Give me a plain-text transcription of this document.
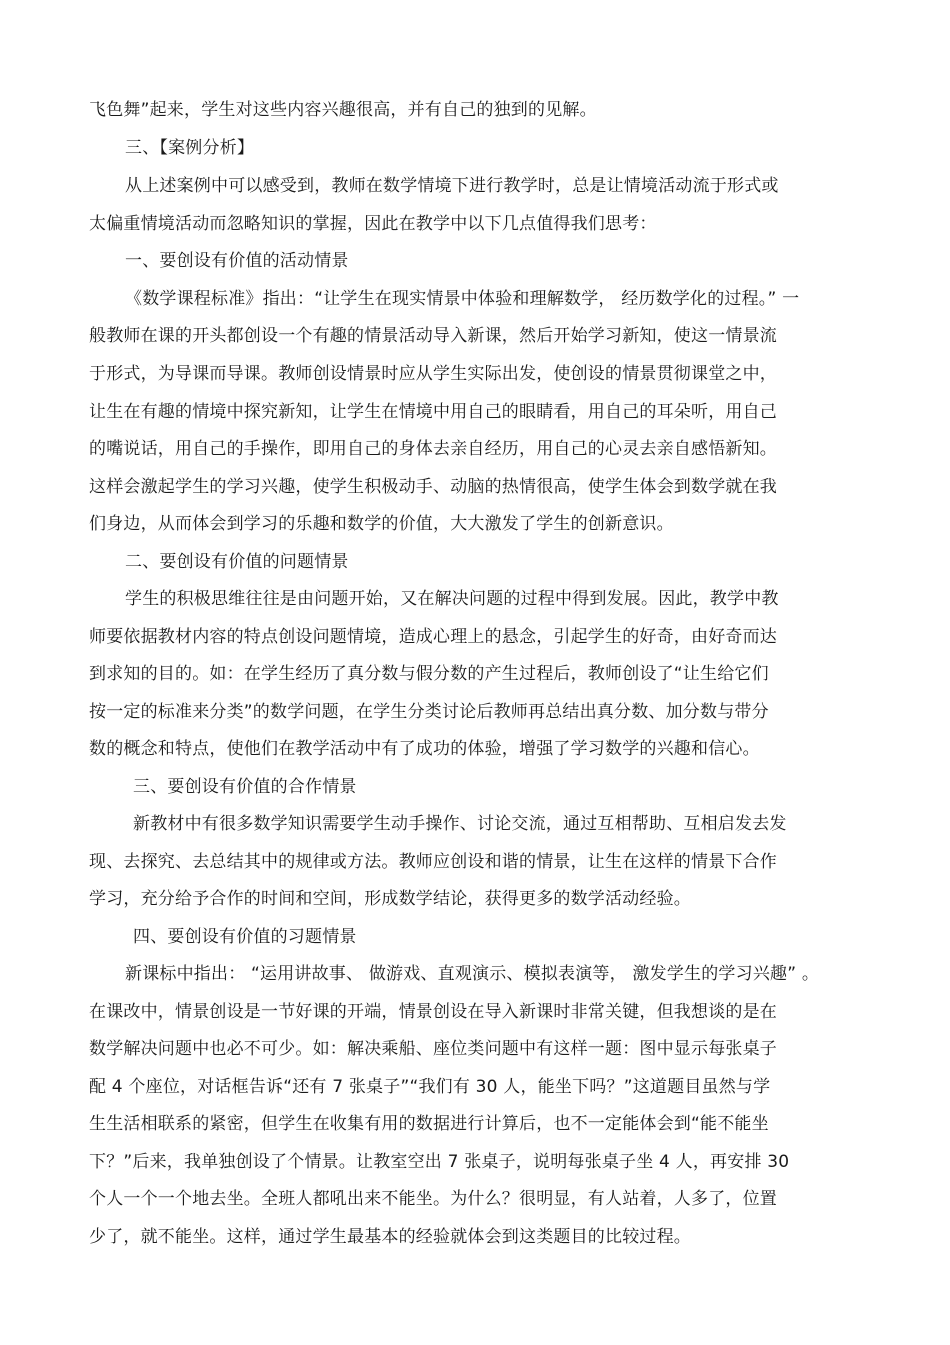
飞色舞”起来，学生对这些内容兴趣很高，并有自己的独到的见解。
三、【案例分析】
从上述案例中可以感受到，教师在数学情境下进行教学时，总是让情境活动流于形式或
太偏重情境活动而忽略知识的掌握，因此在教学中以下几点值得我们思考：
一、要创设有价值的活动情景
《数学课程标准》指出：“让学生在现实情景中体验和理解数学， 经历数学化的过程。” 一
般教师在课的开头都创设一个有趣的情景活动导入新课，然后开始学习新知，使这一情景流
于形式，为导课而导课。教师创设情景时应从学生实际出发，使创设的情景贯彻课堂之中，
让生在有趣的情境中探究新知，让学生在情境中用自己的眼睛看，用自己的耳朵听，用自己
的嘴说话，用自己的手操作，即用自己的身体去亲自经历，用自己的心灵去亲自感悟新知。
这样会激起学生的学习兴趣，使学生积极动手、动脑的热情很高，使学生体会到数学就在我
们身边，从而体会到学习的乐趣和数学的价值，大大激发了学生的创新意识。
二、要创设有价值的问题情景
学生的积极思维往往是由问题开始，又在解决问题的过程中得到发展。因此，教学中教
师要依据教材内容的特点创设问题情境，造成心理上的悬念，引起学生的好奇，由好奇而达
到求知的目的。如：在学生经历了真分数与假分数的产生过程后，教师创设了“让生给它们
按一定的标准来分类”的数学问题，在学生分类讨论后教师再总结出真分数、加分数与带分
数的概念和特点，使他们在教学活动中有了成功的体验，增强了学习数学的兴趣和信心。
三、要创设有价值的合作情景
新教材中有很多数学知识需要学生动手操作、讨论交流，通过互相帮助、互相启发去发
现、去探究、去总结其中的规律或方法。教师应创设和谐的情景，让生在这样的情景下合作
学习，充分给予合作的时间和空间，形成数学结论，获得更多的数学活动经验。
四、要创设有价值的习题情景
新课标中指出： “运用讲故事、 做游戏、直观演示、模拟表演等， 激发学生的学习兴趣” 。
在课改中，情景创设是一节好课的开端，情景创设在导入新课时非常关键，但我想谈的是在
数学解决问题中也必不可少。如：解决乘船、座位类问题中有这样一题：图中显示每张桌子
配 4 个座位，对话框告诉“还有 7 张桌子”“我们有 30 人，能坐下吗？”这道题目虽然与学
生生活相联系的紧密，但学生在收集有用的数据进行计算后，也不一定能体会到“能不能坐
下？”后来，我单独创设了个情景。让教室空出 7 张桌子，说明每张桌子坐 4 人，再安排 30
个人一个一个地去坐。全班人都吼出来不能坐。为什么？很明显，有人站着，人多了，位置
少了，就不能坐。这样，通过学生最基本的经验就体会到这类题目的比较过程。
